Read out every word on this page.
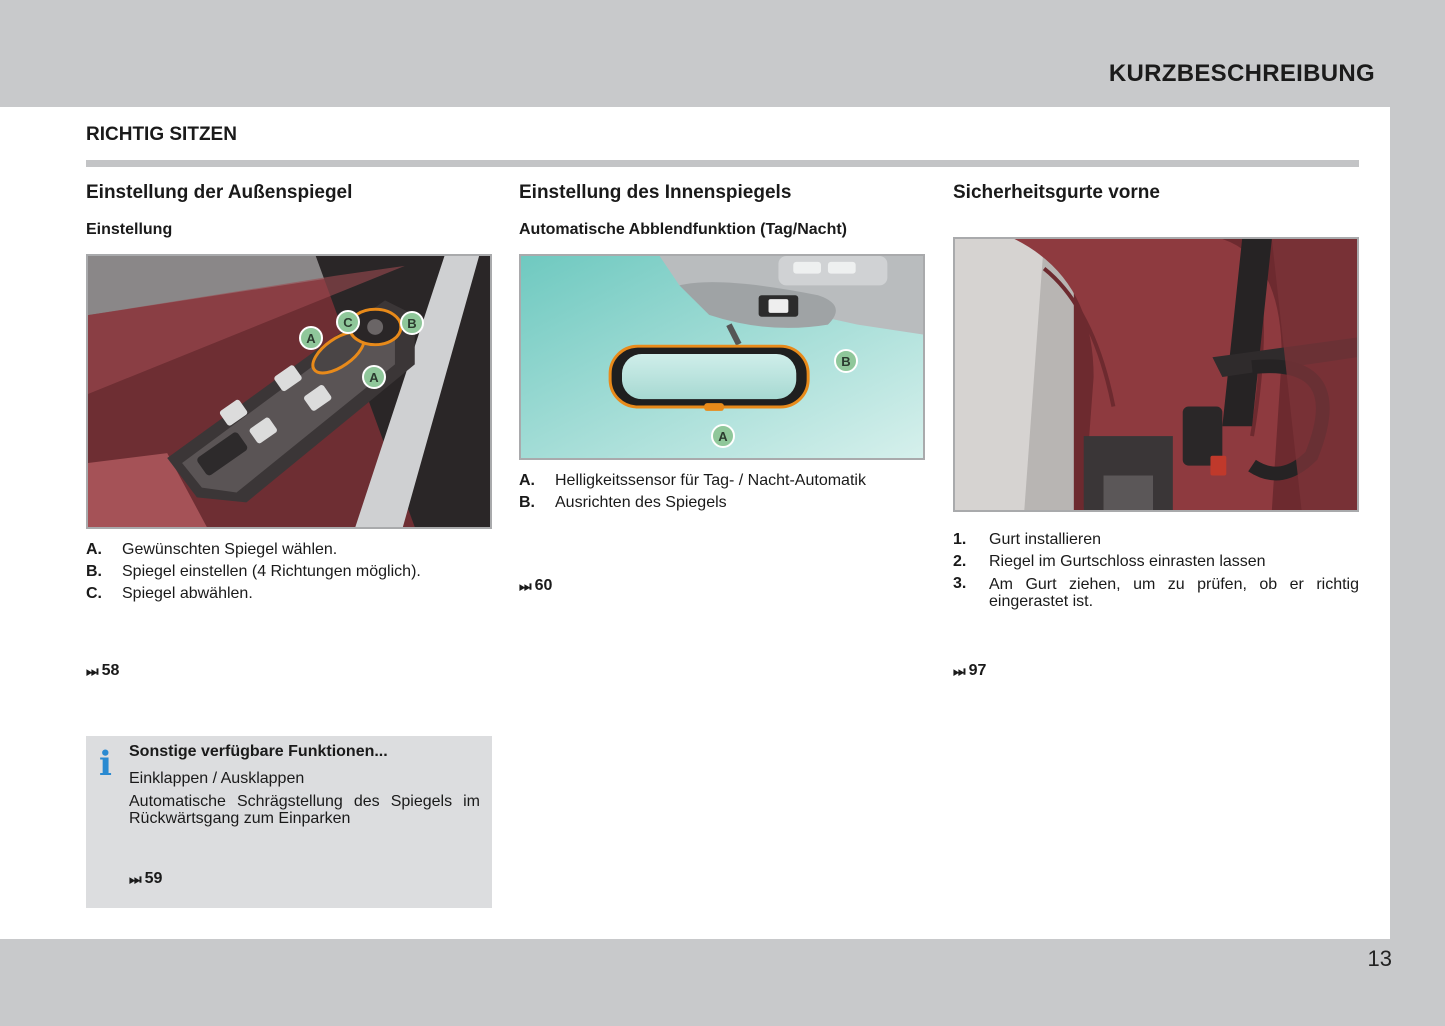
KURZBESCHREIBUNG
RICHTIG SITZEN
Einstellung der Außenspiegel
Einstellung
A
C	B
A
A.	Gewünschten Spiegel wählen.
B.	Spiegel einstellen (4 Richtungen möglich).
C.	Spiegel abwählen.
⏭ 58
Einstellung des Innenspiegels
Automatische Abblendfunktion (Tag/Nacht)
B
A
A.	Helligkeitssensor für Tag- / Nacht-Automatik
B.	Ausrichten des Spiegels
⏭ 60
Sicherheitsgurte vorne
1.	Gurt installieren
2.	Riegel im Gurtschloss einrasten lassen
3.	Am Gurt ziehen, um zu prüfen, ob er richtig eingerastet ist.
⏭ 97
i Sonstige verfügbare Funktionen...
Einklappen / Ausklappen
Automatische Schrägstellung des Spiegels im Rückwärtsgang zum Einparken
⏭ 59
13
